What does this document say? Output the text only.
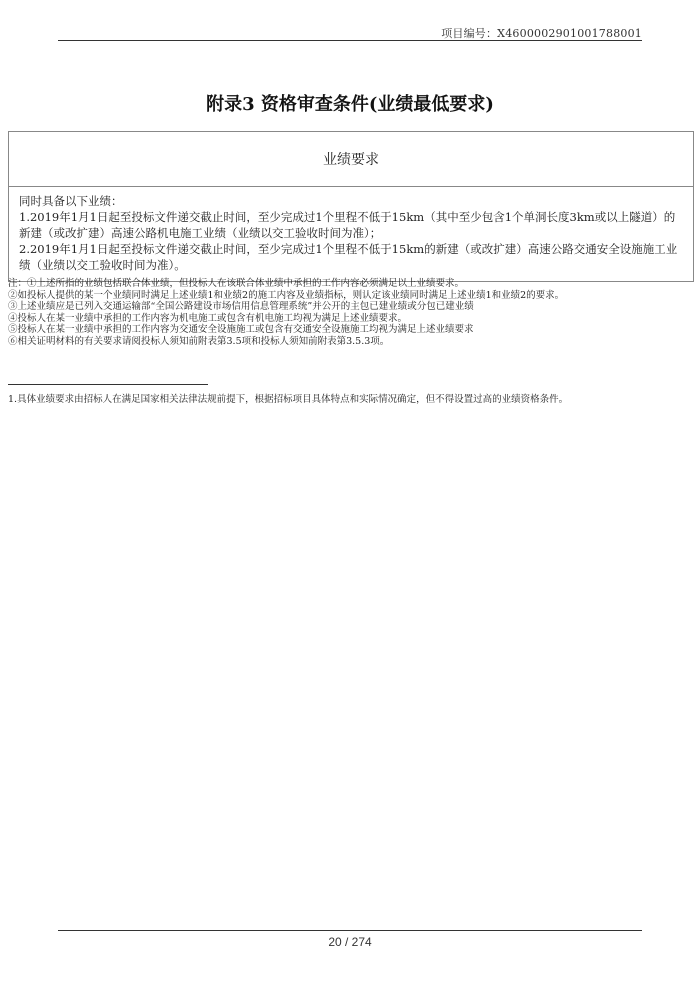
项目编号：X4600002901001788001
附录3 资格审查条件(业绩最低要求)
业绩要求

同时具备以下业绩：

1.2019年1月1日起至投标文件递交截止时间，至少完成过1个里程不低于15km（其中至少包含1个单洞长度3km或以上隧道）的新建（或改扩建）高速公路机电施工业绩（业绩以交工验收时间为准）；

2.2019年1月1日起至投标文件递交截止时间，至少完成过1个里程不低于15km的新建（或改扩建）高速公路交通安全设施施工业绩（业绩以交工验收时间为准）。

注：①上述所指的业绩包括联合体业绩，但投标人在该联合体业绩中承担的工作内容必须满足以上业绩要求。

②如投标人提供的某一个业绩同时满足上述业绩1和业绩2的施工内容及业绩指标，则认定该业绩同时满足上述业绩1和业绩2的要求。

③上述业绩应是已列入交通运输部“全国公路建设市场信用信息管理系统”并公开的主包已建业绩或分包已建业绩

④投标人在某一业绩中承担的工作内容为机电施工或包含有机电施工均视为满足上述业绩要求。

⑤投标人在某一业绩中承担的工作内容为交通安全设施施工或包含有交通安全设施施工均视为满足上述业绩要求

⑥相关证明材料的有关要求请阅投标人须知前附表第3.5项和投标人须知前附表第3.5.3项。

1.具体业绩要求由招标人在满足国家相关法律法规前提下，根据招标项目具体特点和实际情况确定，但不得设置过高的业绩资格条件。
20 / 274
